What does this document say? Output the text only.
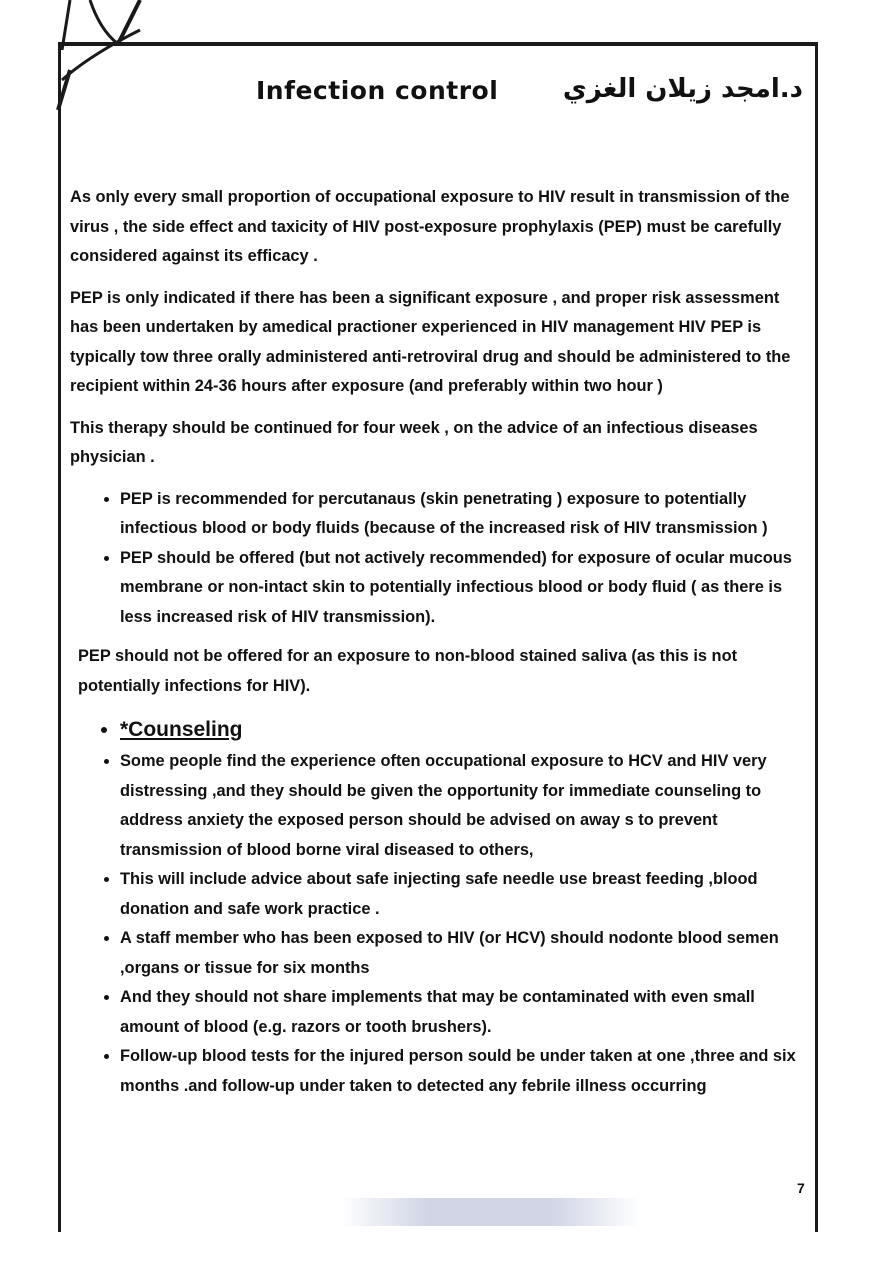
Infection control د.امجد زيلان الغزي

As only every small proportion of occupational exposure to HIV result in transmission of the virus , the side effect and taxicity of HIV post-exposure prophylaxis (PEP) must be carefully considered against its efficacy .

PEP is only indicated if there has been a significant exposure , and proper risk assessment has been undertaken by amedical practioner experienced in HIV management HIV PEP is typically tow three orally administered anti-retroviral drug and should be administered to the recipient within 24-36 hours after exposure (and preferably within two hour )

This therapy should be continued for four week , on the advice of an infectious diseases physician .

• PEP is recommended for percutanaus (skin penetrating ) exposure to potentially infectious blood or body fluids (because of the increased risk of HIV transmission )
• PEP should be offered (but not actively recommended) for exposure of ocular mucous membrane or non-intact skin to potentially infectious blood or body fluid ( as there is less increased risk of HIV transmission).

PEP should not be offered for an exposure to non-blood stained saliva (as this is not potentially infections for HIV).

• *Counseling
• Some people find the experience often occupational exposure to HCV and HIV very distressing ,and they should be given the opportunity for immediate counseling to address anxiety the exposed person should be advised on away s to prevent transmission of blood borne viral diseased to others,
• This will include advice about safe injecting safe needle use breast feeding ,blood donation and safe work practice .
• A staff member who has been exposed to HIV (or HCV) should nodonte blood semen ,organs or tissue for six months
• And they should not share implements that may be contaminated with even small amount of blood (e.g. razors or tooth brushers).
• Follow-up blood tests for the injured person sould be under taken at one ,three and six months .and follow-up under taken to detected any febrile illness occurring
7
